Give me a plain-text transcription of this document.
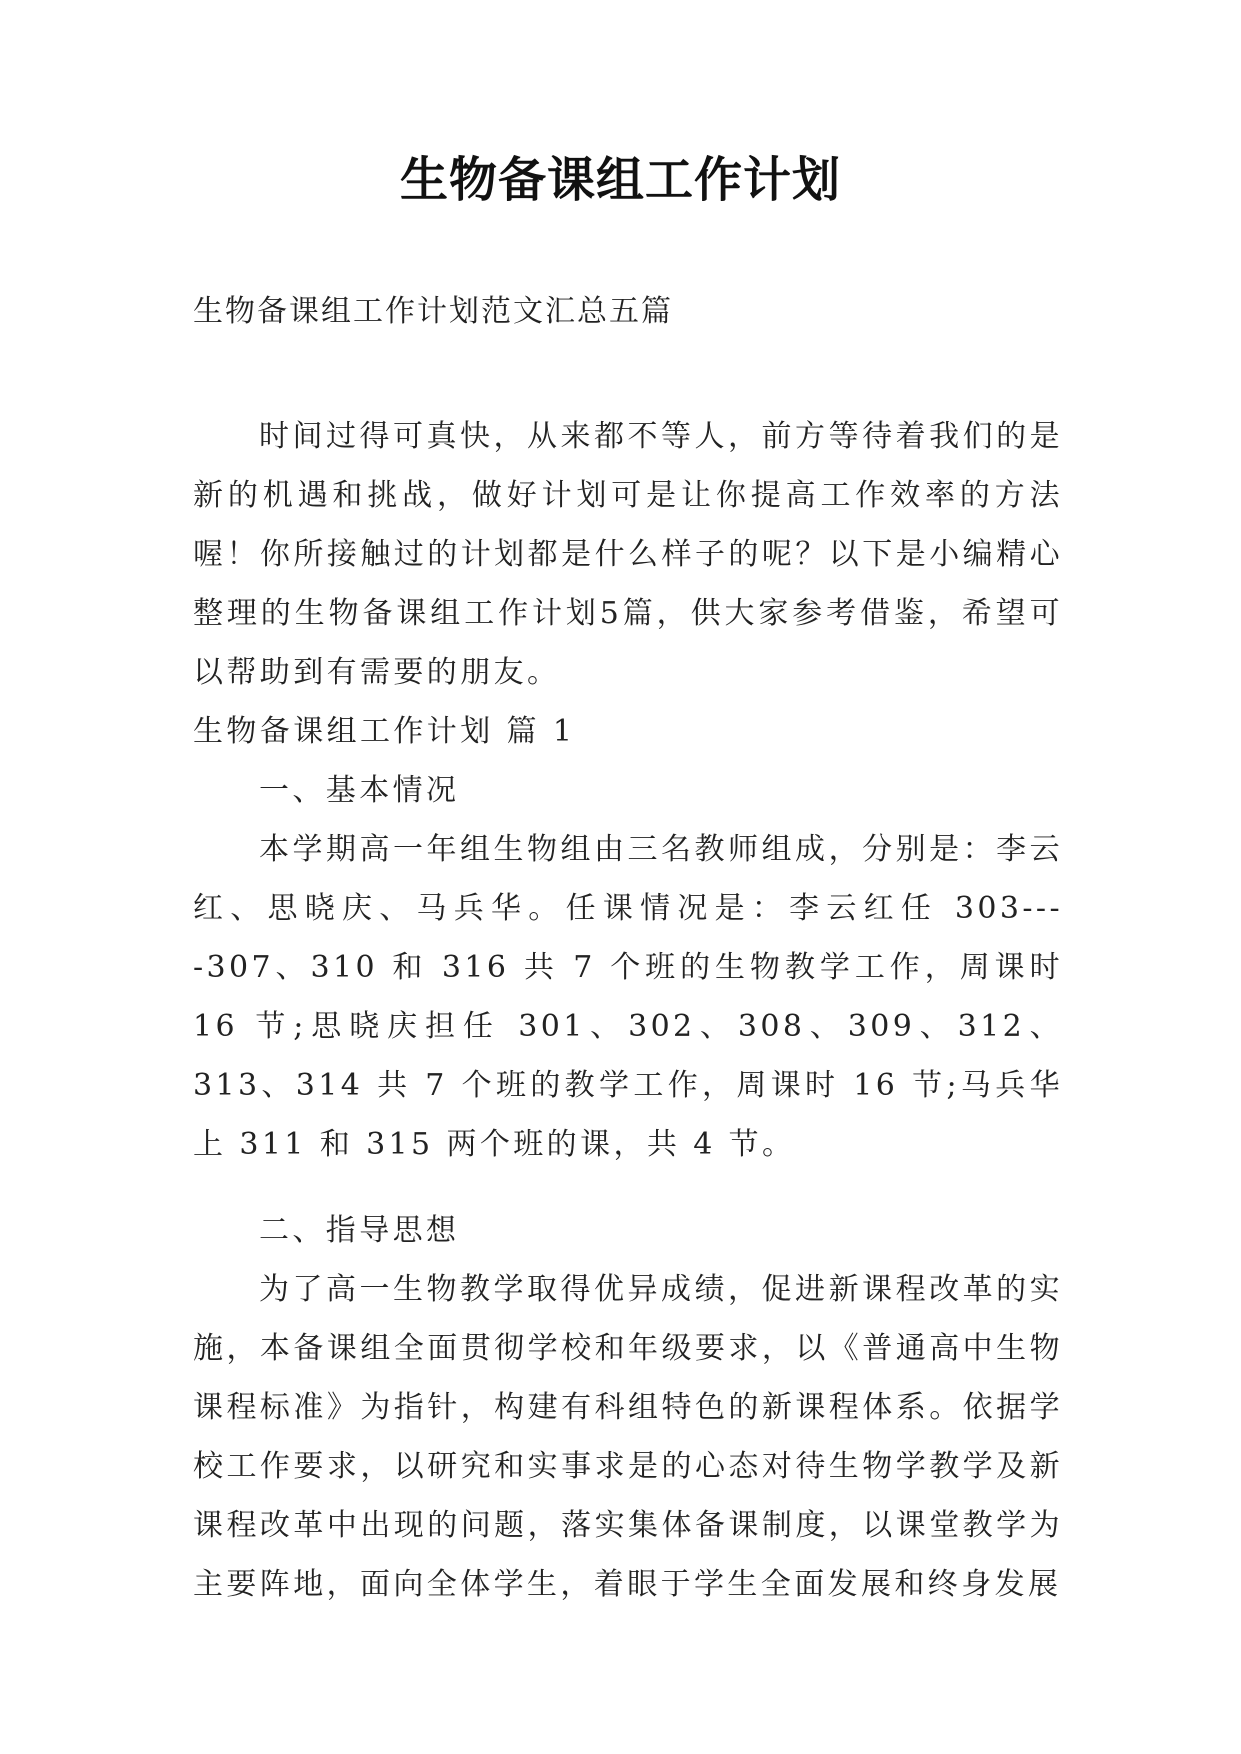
生物备课组工作计划
生物备课组工作计划范文汇总五篇

时间过得可真快，从来都不等人，前方等待着我们的是新的机遇和挑战，做好计划可是让你提高工作效率的方法喔！你所接触过的计划都是什么样子的呢？以下是小编精心整理的生物备课组工作计划5篇，供大家参考借鉴，希望可以帮助到有需要的朋友。

生物备课组工作计划 篇 1

一、基本情况

本学期高一年组生物组由三名教师组成，分别是：李云红、思晓庆、马兵华。任课情况是：李云红任 303----307、310 和 316 共 7 个班的生物教学工作，周课时 16 节;思晓庆担任 301、302、308、309、312、313、314 共 7 个班的教学工作，周课时 16 节;马兵华上 311 和 315 两个班的课，共 4 节。

二、指导思想

为了高一生物教学取得优异成绩，促进新课程改革的实施，本备课组全面贯彻学校和年级要求，以《普通高中生物课程标准》为指针，构建有科组特色的新课程体系。依据学校工作要求，以研究和实事求是的心态对待生物学教学及新课程改革中出现的问题，落实集体备课制度，以课堂教学为主要阵地，面向全体学生，着眼于学生全面发展和终身发展
